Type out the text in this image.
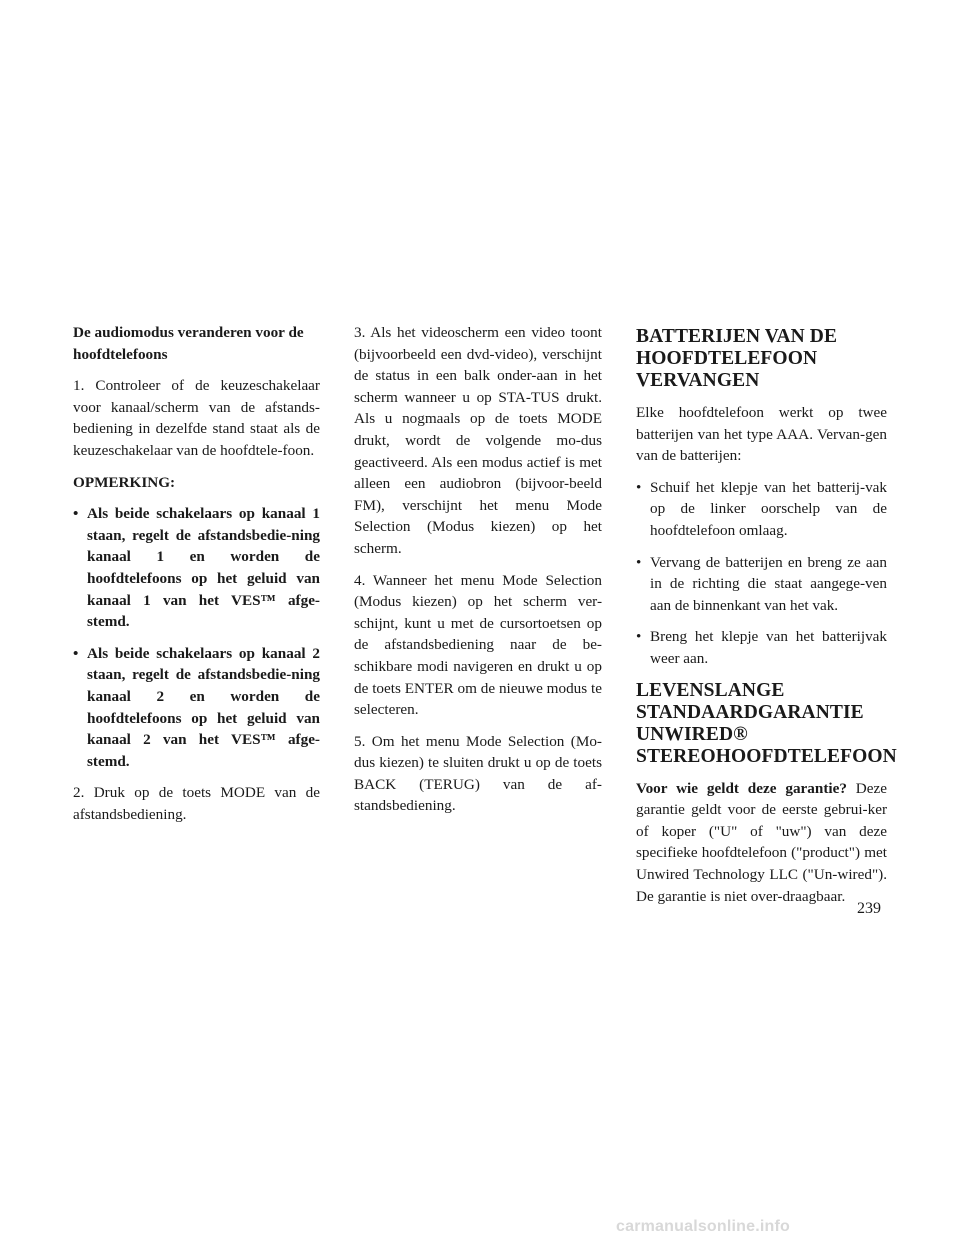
De audiomodus veranderen voor de hoofdtelefoons

1. Controleer of de keuzeschakelaar voor kanaal/scherm van de afstands-bediening in dezelfde stand staat als de keuzeschakelaar van de hoofdtele-foon.

OPMERKING:

• Als beide schakelaars op kanaal 1 staan, regelt de afstandsbedie-ning kanaal 1 en worden de hoofdtelefoons op het geluid van kanaal 1 van het VES™ afge-stemd.
• Als beide schakelaars op kanaal 2 staan, regelt de afstandsbedie-ning kanaal 2 en worden de hoofdtelefoons op het geluid van kanaal 2 van het VES™ afge-stemd.

2. Druk op de toets MODE van de afstandsbediening.

3. Als het videoscherm een video toont (bijvoorbeeld een dvd-video), verschijnt de status in een balk onder-aan in het scherm wanneer u op STA-TUS drukt. Als u nogmaals op de toets MODE drukt, wordt de volgende mo-dus geactiveerd. Als een modus actief is met alleen een audiobron (bijvoor-beeld FM), verschijnt het menu Mode Selection (Modus kiezen) op het scherm.

4. Wanneer het menu Mode Selection (Modus kiezen) op het scherm ver-schijnt, kunt u met de cursortoetsen op de afstandsbediening naar de be-schikbare modi navigeren en drukt u op de toets ENTER om de nieuwe modus te selecteren.

5. Om het menu Mode Selection (Mo-dus kiezen) te sluiten drukt u op de toets BACK (TERUG) van de af-standsbediening.

BATTERIJEN VAN DE
HOOFDTELEFOON
VERVANGEN

Elke hoofdtelefoon werkt op twee batterijen van het type AAA. Vervan-gen van de batterijen:

• Schuif het klepje van het batterij-vak op de linker oorschelp van de hoofdtelefoon omlaag.
• Vervang de batterijen en breng ze aan in de richting die staat aangege-ven aan de binnenkant van het vak.
• Breng het klepje van het batterijvak weer aan.
LEVENSLANGE
STANDAARDGARANTIE
UNWIRED®
STEREOHOOFDTELEFOON

Voor wie geldt deze garantie? Deze garantie geldt voor de eerste gebrui-ker of koper ("U" of "uw") van deze specifieke hoofdtelefoon ("product") met Unwired Technology LLC ("Un-wired"). De garantie is niet over-draagbaar.

239
carmanualsonline.info
